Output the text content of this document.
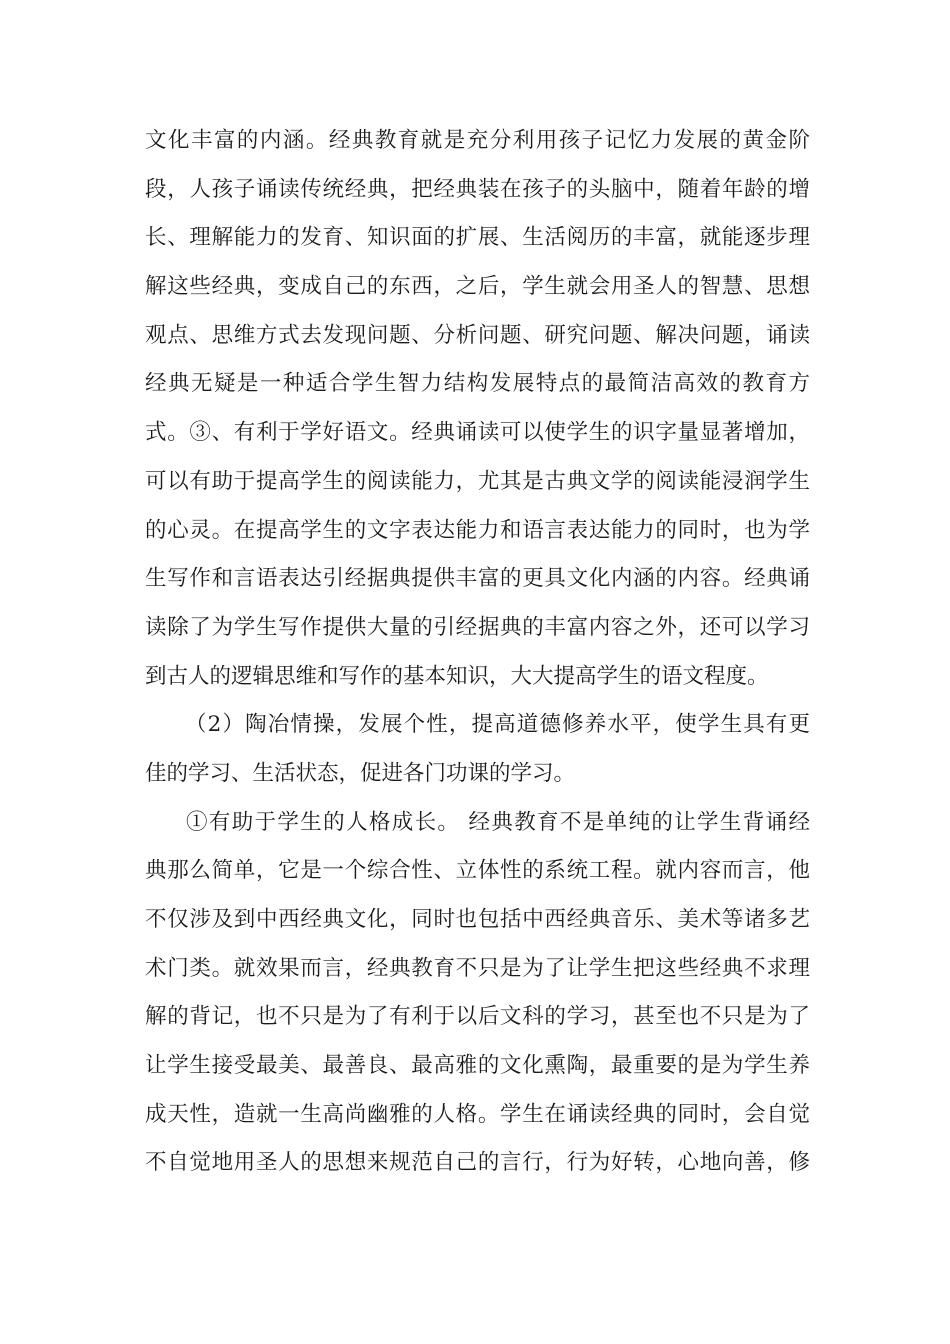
文化丰富的内涵。经典教育就是充分利用孩子记忆力发展的黄金阶
段，人孩子诵读传统经典，把经典装在孩子的头脑中，随着年龄的增
长、理解能力的发育、知识面的扩展、生活阅历的丰富，就能逐步理
解这些经典，变成自己的东西，之后，学生就会用圣人的智慧、思想
观点、思维方式去发现问题、分析问题、研究问题、解决问题，诵读
经典无疑是一种适合学生智力结构发展特点的最简洁高效的教育方
式。③、有利于学好语文。经典诵读可以使学生的识字量显著增加，
可以有助于提高学生的阅读能力，尤其是古典文学的阅读能浸润学生
的心灵。在提高学生的文字表达能力和语言表达能力的同时，也为学
生写作和言语表达引经据典提供丰富的更具文化内涵的内容。经典诵
读除了为学生写作提供大量的引经据典的丰富内容之外，还可以学习
到古人的逻辑思维和写作的基本知识，大大提高学生的语文程度。
（2）陶冶情操，发展个性，提高道德修养水平，使学生具有更
佳的学习、生活状态，促进各门功课的学习。
①有助于学生的人格成长。 经典教育不是单纯的让学生背诵经
典那么简单，它是一个综合性、立体性的系统工程。就内容而言，他
不仅涉及到中西经典文化，同时也包括中西经典音乐、美术等诸多艺
术门类。就效果而言，经典教育不只是为了让学生把这些经典不求理
解的背记，也不只是为了有利于以后文科的学习，甚至也不只是为了
让学生接受最美、最善良、最高雅的文化熏陶，最重要的是为学生养
成天性，造就一生高尚幽雅的人格。学生在诵读经典的同时，会自觉
不自觉地用圣人的思想来规范自己的言行，行为好转，心地向善，修
